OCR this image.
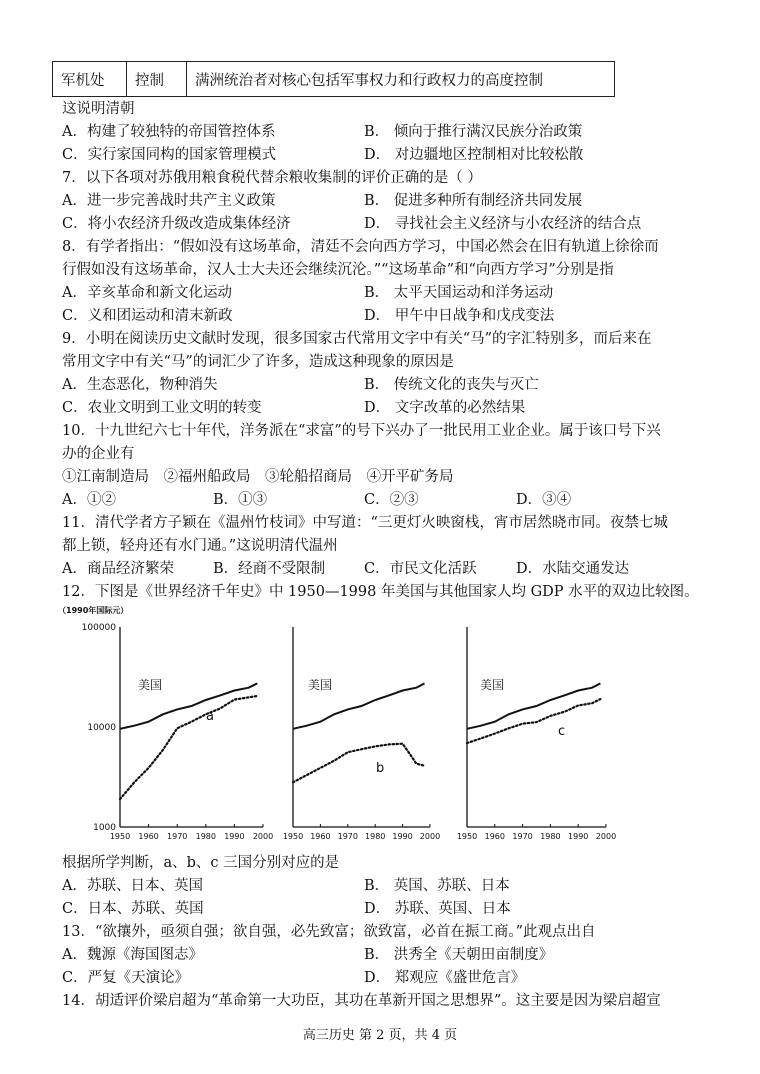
军机处	控制	满洲统治者对核心包括军事权力和行政权力的高度控制
这说明清朝
A．构建了较独特的帝国管控体系	B． 倾向于推行满汉民族分治政策
C．实行家国同构的国家管理模式	D． 对边疆地区控制相对比较松散
7．以下各项对苏俄用粮食税代替余粮收集制的评价正确的是（ ）
A．进一步完善战时共产主义政策	B． 促进多种所有制经济共同发展
C．将小农经济升级改造成集体经济	D． 寻找社会主义经济与小农经济的结合点
8．有学者指出：“假如没有这场革命，清廷不会向西方学习，中国必然会在旧有轨道上徐徐而
行假如没有这场革命，汉人士大夫还会继续沉沦。”“这场革命”和“向西方学习”分别是指
A．辛亥革命和新文化运动	B． 太平天国运动和洋务运动
C．义和团运动和清末新政	D． 甲午中日战争和戊戌变法
9．小明在阅读历史文献时发现，很多国家古代常用文字中有关“马”的字汇特别多，而后来在
常用文字中有关“马”的词汇少了许多，造成这种现象的原因是
A．生态恶化，物种消失	B． 传统文化的丧失与灭亡
C．农业文明到工业文明的转变	D． 文字改革的必然结果
10．十九世纪六七十年代，洋务派在“求富”的号下兴办了一批民用工业企业。属于该口号下兴
办的企业有
①江南制造局　②福州船政局　③轮船招商局　④开平矿务局
A．①②	B．①③	C．②③	D．③④
11．清代学者方子颖在《温州竹枝词》中写道：“三更灯火映窗栈，宵市居然晓市同。夜禁七城
都上锁，轻舟还有水门通。”这说明清代温州
A．商品经济繁荣	B．经商不受限制	C．市民文化活跃	D．水陆交通发达
12．下图是《世界经济千年史》中 1950—1998 年美国与其他国家人均 GDP 水平的双边比较图。
1950 1960 1970 1980 1990 2000
100000
10000
1000
（1990年国际元）
美国
a
1950 1960 1970 1980 1990 2000
美国
b
1950 1960 1970 1980 1990 2000
美国
c
根据所学判断，a、b、c 三国分别对应的是
A．苏联、日本、英国	B． 英国、苏联、日本
C．日本、苏联、英国	D． 苏联、英国、日本
13．“欲攘外，亟须自强；欲自强，必先致富；欲致富，必首在振工商。”此观点出自
A．魏源《海国图志》	B． 洪秀全《天朝田亩制度》
C．严复《天演论》	D． 郑观应《盛世危言》
14．胡适评价梁启超为“革命第一大功臣，其功在革新开国之思想界”。这主要是因为梁启超宣
高三历史 第 2 页，共 4 页
